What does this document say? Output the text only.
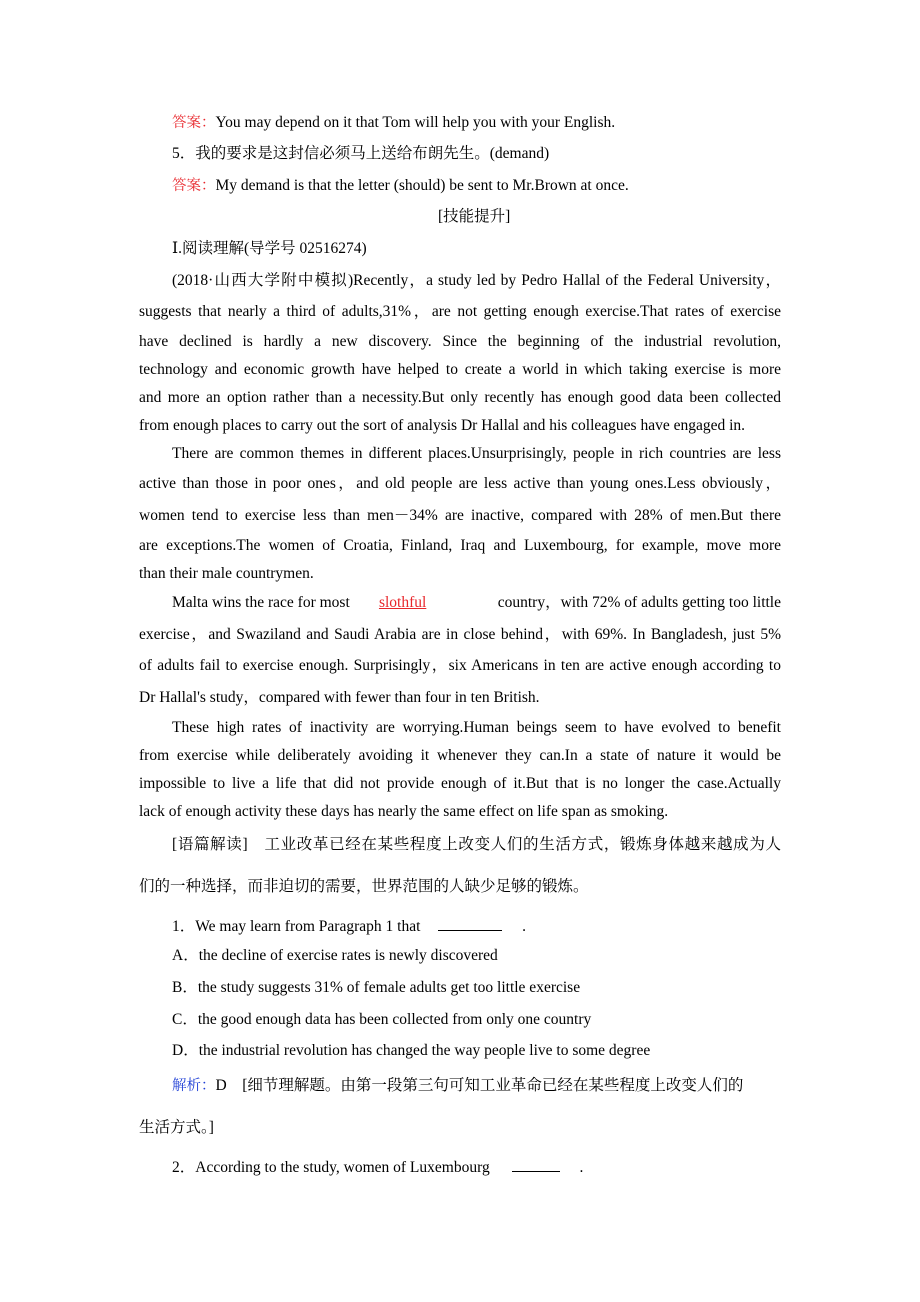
答案：You may depend on it that Tom will help you with your English.
5．我的要求是这封信必须马上送给布朗先生。(demand)
答案：My demand is that the letter (should) be sent to Mr.Brown at once.
[技能提升]
Ⅰ.阅读理解(导学号 02516274)
(2018·山西大学附中模拟)Recently，a study led by Pedro Hallal of the Federal University，
suggests that nearly a third of adults,31%，are not getting enough exercise.That rates of exercise
have declined is hardly a new discovery. Since the beginning of the industrial revolution,
technology and economic growth have helped to create a world in which taking exercise is more
and more an option rather than a necessity.But only recently has enough good data been collected
from enough places to carry out the sort of analysis Dr Hallal and his colleagues have engaged in.
There are common themes in different places.Unsurprisingly, people in rich countries are less
active than those in poor ones，and old people are less active than young ones.Less obviously，
women tend to exercise less than men－34% are inactive, compared with 28% of men.But there
are exceptions.The women of Croatia, Finland, Iraq and Luxembourg, for example, move more
than their male countrymen.
Malta wins the race for most slothful	country，with 72% of adults getting too little
exercise，and Swaziland and Saudi Arabia are in close behind，with 69%. In Bangladesh, just 5%
of adults fail to exercise enough. Surprisingly，six Americans in ten are active enough according to
Dr Hallal's study，compared with fewer than four in ten British.
These high rates of inactivity are worrying.Human beings seem to have evolved to benefit
from exercise while deliberately avoiding it whenever they can.In a state of nature it would be
impossible to live a life that did not provide enough of it.But that is no longer the case.Actually
lack of enough activity these days has nearly the same effect on life span as smoking.
[语篇解读]　工业改革已经在某些程度上改变人们的生活方式，锻炼身体越来越成为人
们的一种选择，而非迫切的需要，世界范围的人缺少足够的锻炼。
1．We may learn from Paragraph 1 that	.
A．the decline of exercise rates is newly discovered
B．the study suggests 31% of female adults get too little exercise
C．the good enough data has been collected from only one country
D．the industrial revolution has changed the way people live to some degree
解析：D　[细节理解题。由第一段第三句可知工业革命已经在某些程度上改变人们的
生活方式。]
2．According to the study, women of Luxembourg	.
